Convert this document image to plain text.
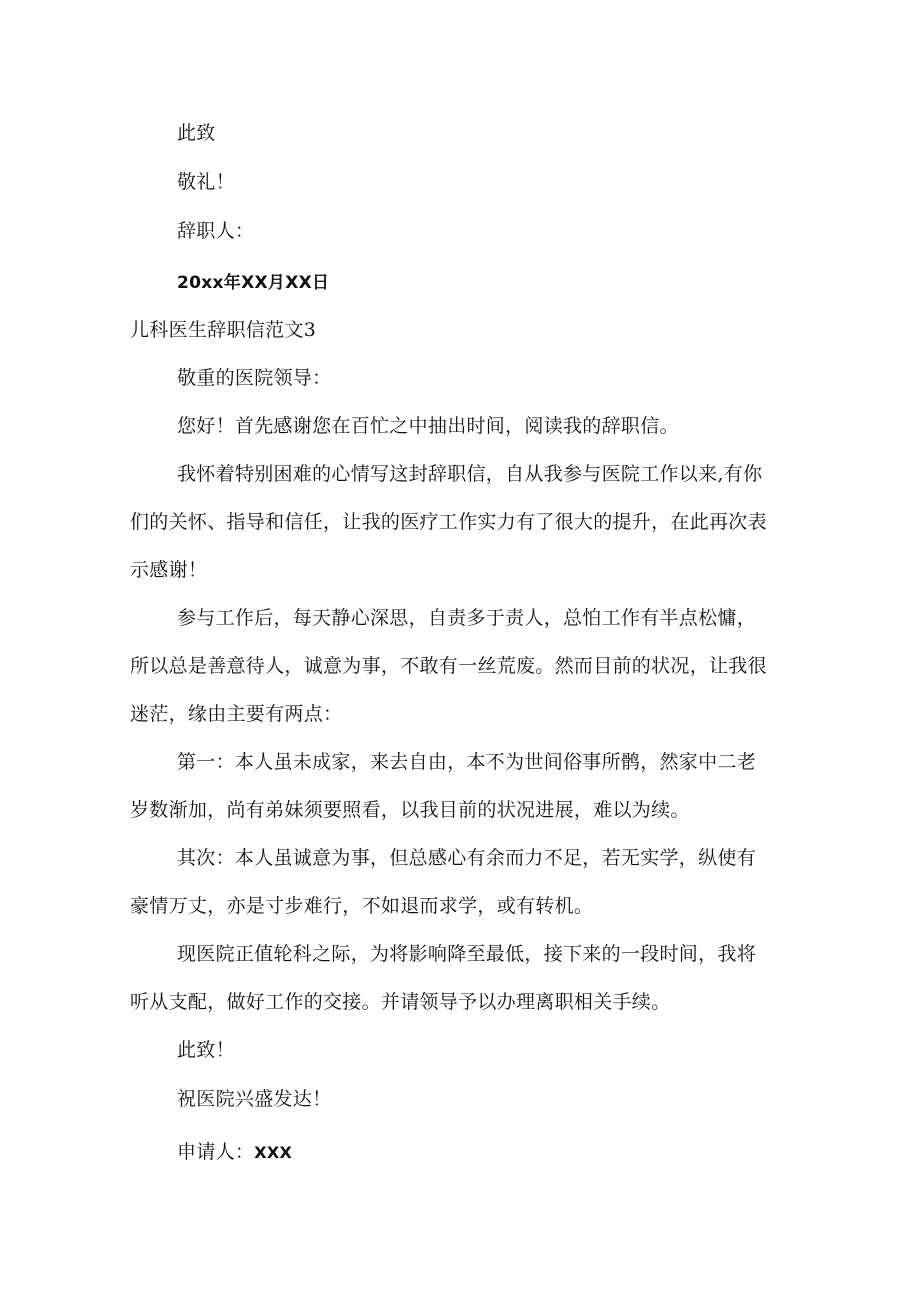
此致

敬礼！

辞职人：

20xx年XX月XX日

儿科医生辞职信范文3

敬重的医院领导：

您好！首先感谢您在百忙之中抽出时间，阅读我的辞职信。

我怀着特别困难的心情写这封辞职信，自从我参与医院工作以来,有你

们的关怀、指导和信任，让我的医疗工作实力有了很大的提升，在此再次表

示感谢！

参与工作后，每天静心深思，自责多于责人，总怕工作有半点松慵，

所以总是善意待人，诚意为事，不敢有一丝荒废。然而目前的状况，让我很

迷茫，缘由主要有两点：

第一：本人虽未成家，来去自由，本不为世间俗事所鹘，然家中二老

岁数渐加，尚有弟妹须要照看，以我目前的状况进展，难以为续。

其次：本人虽诚意为事，但总感心有余而力不足，若无实学，纵使有

豪情万丈，亦是寸步难行，不如退而求学，或有转机。

现医院正值轮科之际，为将影响降至最低，接下来的一段时间，我将

听从支配，做好工作的交接。并请领导予以办理离职相关手续。

此致！

祝医院兴盛发达！

申请人：XXX
